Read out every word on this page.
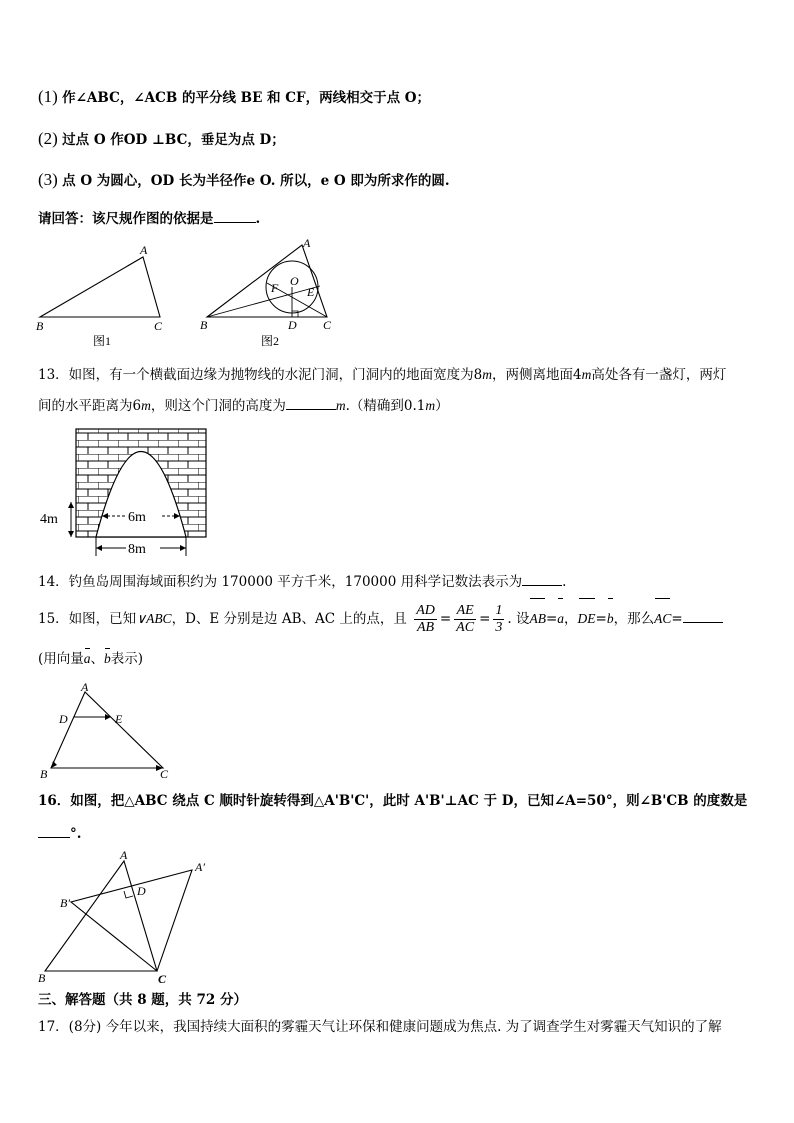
(1) 作∠ABC，∠ACB 的平分线 BE 和 CF，两线相交于点 O；
(2) 过点 O 作OD ⊥BC，垂足为点 D；
(3) 点 O 为圆心，OD 长为半径作e O. 所以，e O 即为所求作的圆.
请回答：该尺规作图的依据是	.
A
B	C
图1
A
B	C
D
E
F O
图2
13．如图，有一个横截面边缘为抛物线的水泥门洞，门洞内的地面宽度为8m，两侧离地面4m高处各有一盏灯，两灯
间的水平距离为6m，则这个门洞的高度为	m.（精确到0.1m）
4m	6m
8m
14．钓鱼岛周围海域面积约为 170000 平方千米，170000 用科学记数法表示为	.
15．如图，已知∨ABC，D、E 分别是边 AB、AC 上的点，且 $\frac{AD}{AB} = \frac{AE}{AC} = \frac{1}{3}$ . 设AB=a，DE=b，那么AC=
(用向量a、b表示)
A
D	E
B	C
16．如图，把△ABC 绕点 C 顺时针旋转得到△A'B'C'，此时 A'B'⊥AC 于 D，已知∠A=50°，则∠B'CB 的度数是
°.
A
A′
B′
D
B	C
三、解答题（共 8 题，共 72 分）
17．(8分) 今年以来，我国持续大面积的雾霾天气让环保和健康问题成为焦点. 为了调查学生对雾霾天气知识的了解
